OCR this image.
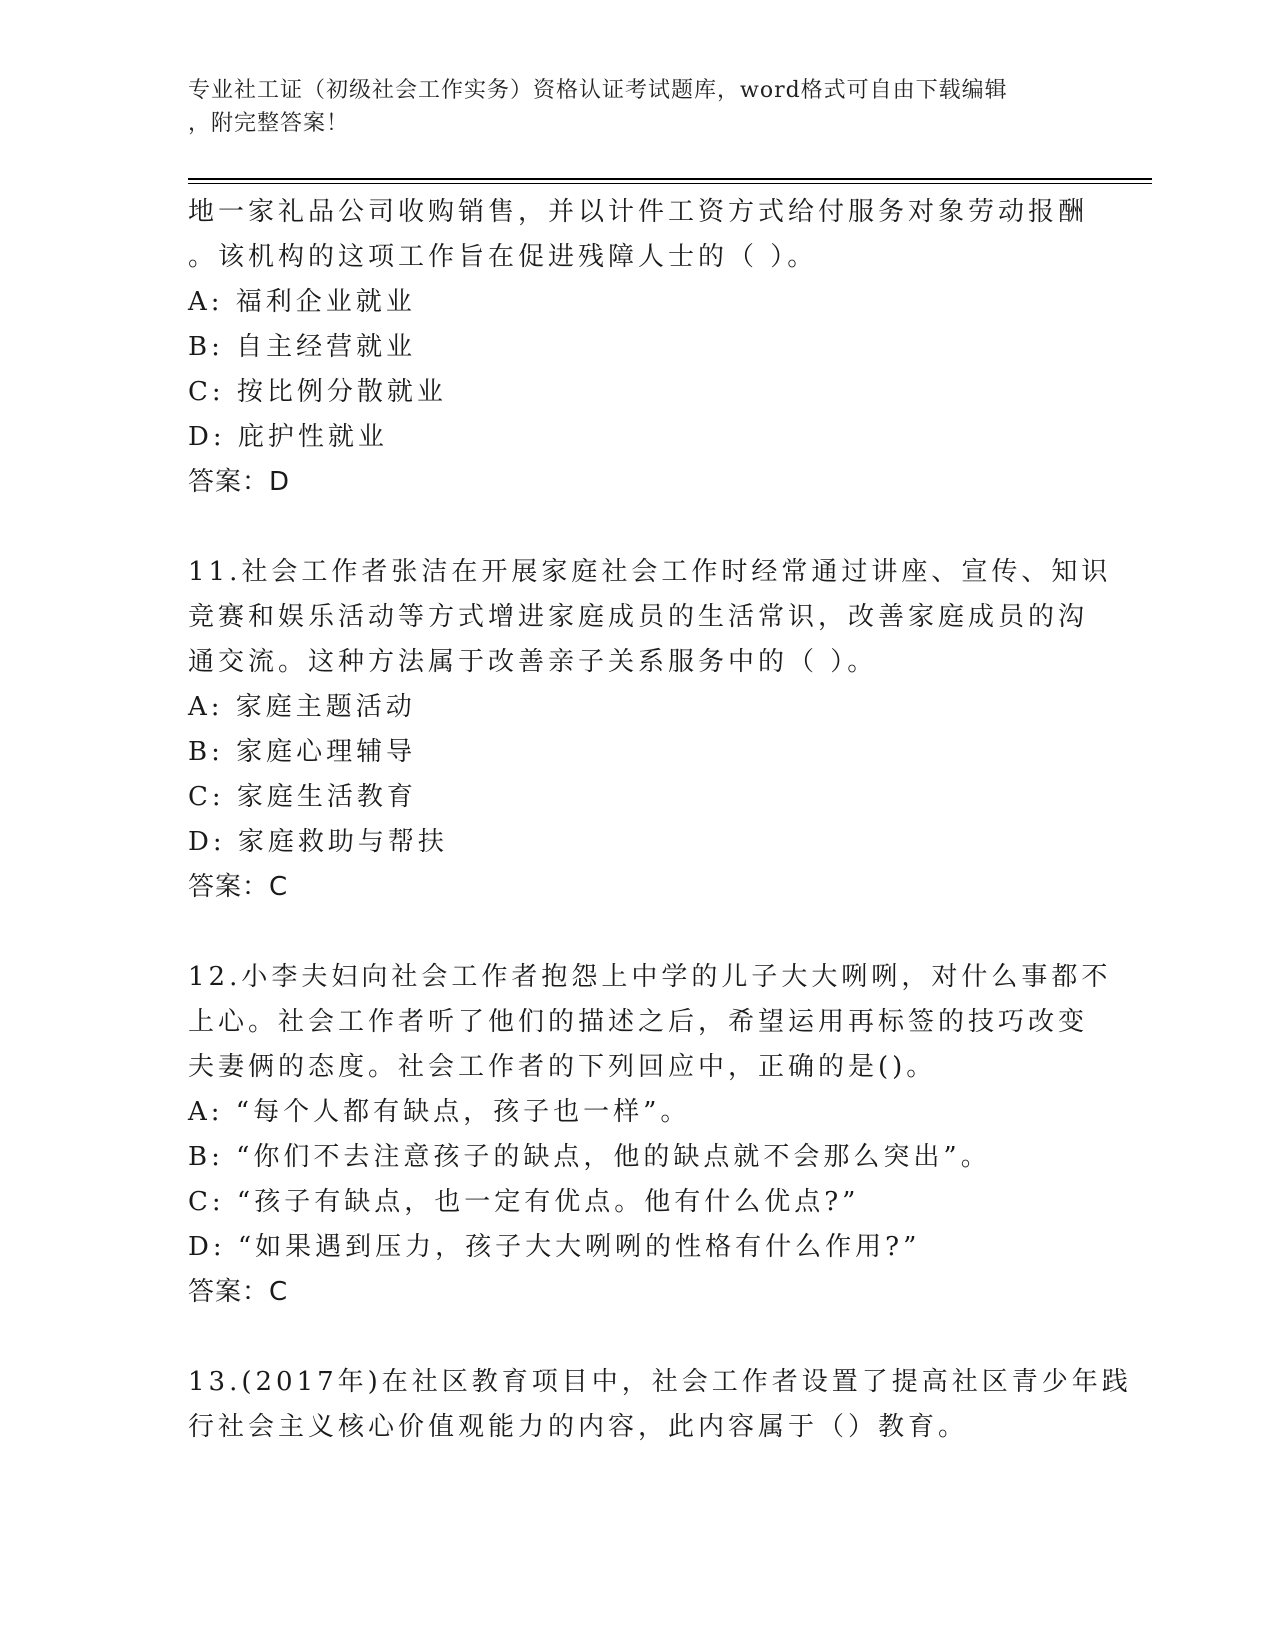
专业社工证（初级社会工作实务）资格认证考试题库，word格式可自由下载编辑
，附完整答案！
地一家礼品公司收购销售，并以计件工资方式给付服务对象劳动报酬
。该机构的这项工作旨在促进残障人士的（ ）。
A: 福利企业就业
B: 自主经营就业
C: 按比例分散就业
D: 庇护性就业
答案：D
11.社会工作者张洁在开展家庭社会工作时经常通过讲座、宣传、知识
竞赛和娱乐活动等方式增进家庭成员的生活常识，改善家庭成员的沟
通交流。这种方法属于改善亲子关系服务中的（ ）。
A: 家庭主题活动
B: 家庭心理辅导
C: 家庭生活教育
D: 家庭救助与帮扶
答案：C
12.小李夫妇向社会工作者抱怨上中学的儿子大大咧咧，对什么事都不
上心。社会工作者听了他们的描述之后，希望运用再标签的技巧改变
夫妻俩的态度。社会工作者的下列回应中，正确的是()。
A: “每个人都有缺点，孩子也一样”。
B: “你们不去注意孩子的缺点，他的缺点就不会那么突出”。
C: “孩子有缺点，也一定有优点。他有什么优点?”
D: “如果遇到压力，孩子大大咧咧的性格有什么作用?”
答案：C
13.(2017年)在社区教育项目中，社会工作者设置了提高社区青少年践
行社会主义核心价值观能力的内容，此内容属于（）教育。
